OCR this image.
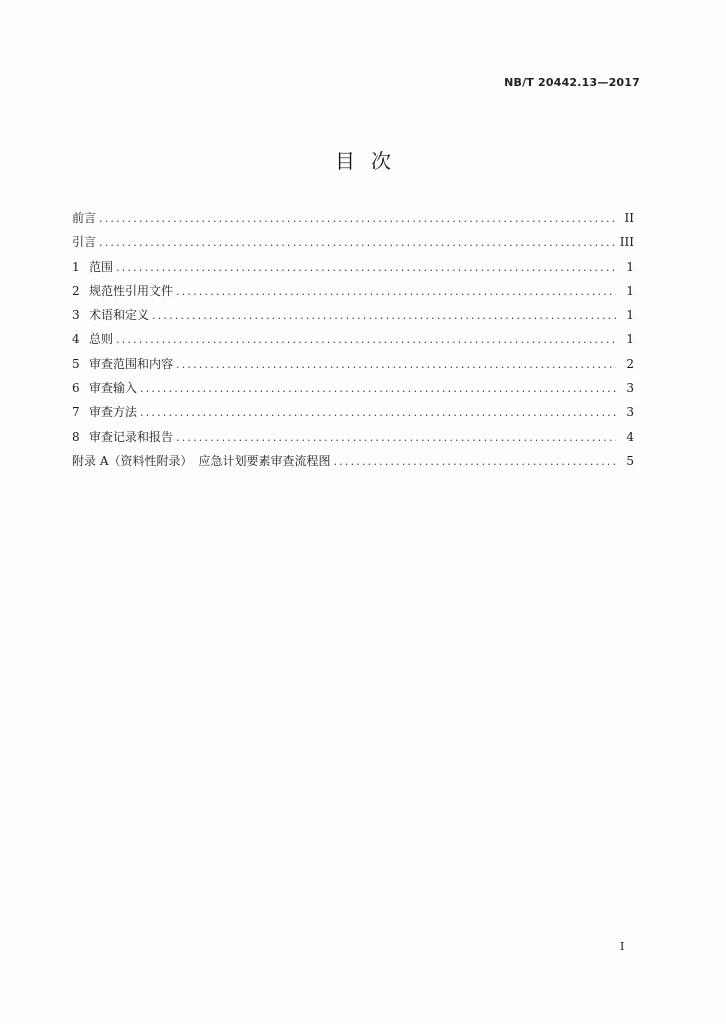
NB/T 20442.13—2017
目次
前言 .....	II
引言 .....	III
1 范围 .....	1
2 规范性引用文件 .....	1
3 术语和定义 .....	1
4 总则 .....	1
5 审查范围和内容 .....	2
6 审查输入 .....	3
7 审查方法 .....	3
8 审查记录和报告 .....	4
附录 A（资料性附录）　应急计划要素审查流程图 .....	5
I
